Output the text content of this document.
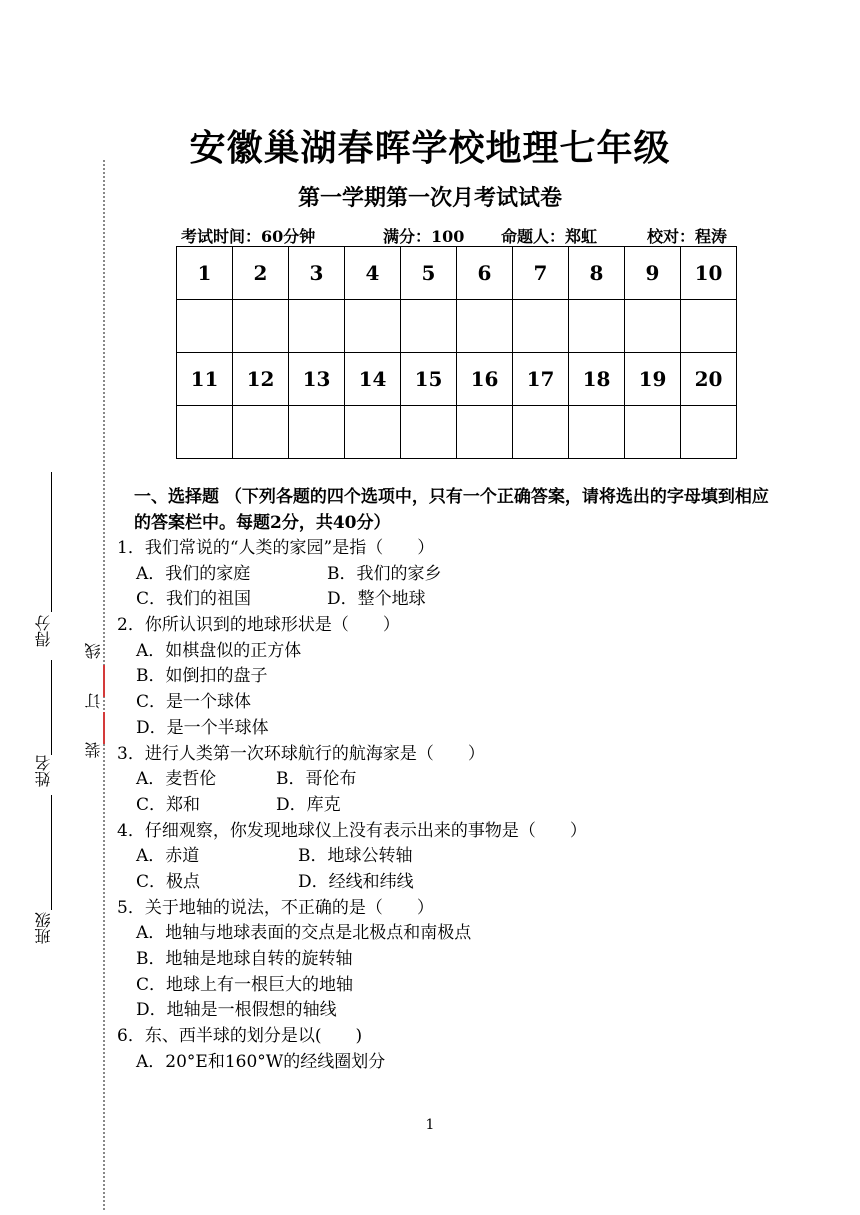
得分
姓名
班级
线
订
装
安徽巢湖春晖学校地理七年级
第一学期第一次月考试试卷
考试时间：60分钟	满分：100 命题人：郑虹	校对：程涛
1	2	3	4	5	6	7	8	9	10

11	12	13	14	15	16	17	18	19	20

一、选择题 （下列各题的四个选项中，只有一个正确答案，请将选出的字母填到相应的答案栏中。每题2分，共40分）
1．我们常说的“人类的家园”是指（　　）
A．我们的家庭	B．我们的家乡
C．我们的祖国	D．整个地球
2．你所认识到的地球形状是（　　）
A．如棋盘似的正方体
B．如倒扣的盘子
C．是一个球体
D．是一个半球体
3．进行人类第一次环球航行的航海家是（　　）
A．麦哲伦	B．哥伦布
C．郑和	D．库克
4．仔细观察，你发现地球仪上没有表示出来的事物是（　　）
A．赤道	B．地球公转轴
C．极点	D．经线和纬线
5．关于地轴的说法，不正确的是（　　）
A．地轴与地球表面的交点是北极点和南极点
B．地轴是地球自转的旋转轴
C．地球上有一根巨大的地轴
D．地轴是一根假想的轴线
6．东、西半球的划分是以(　　)
A．20°E和160°W的经线圈划分
1
